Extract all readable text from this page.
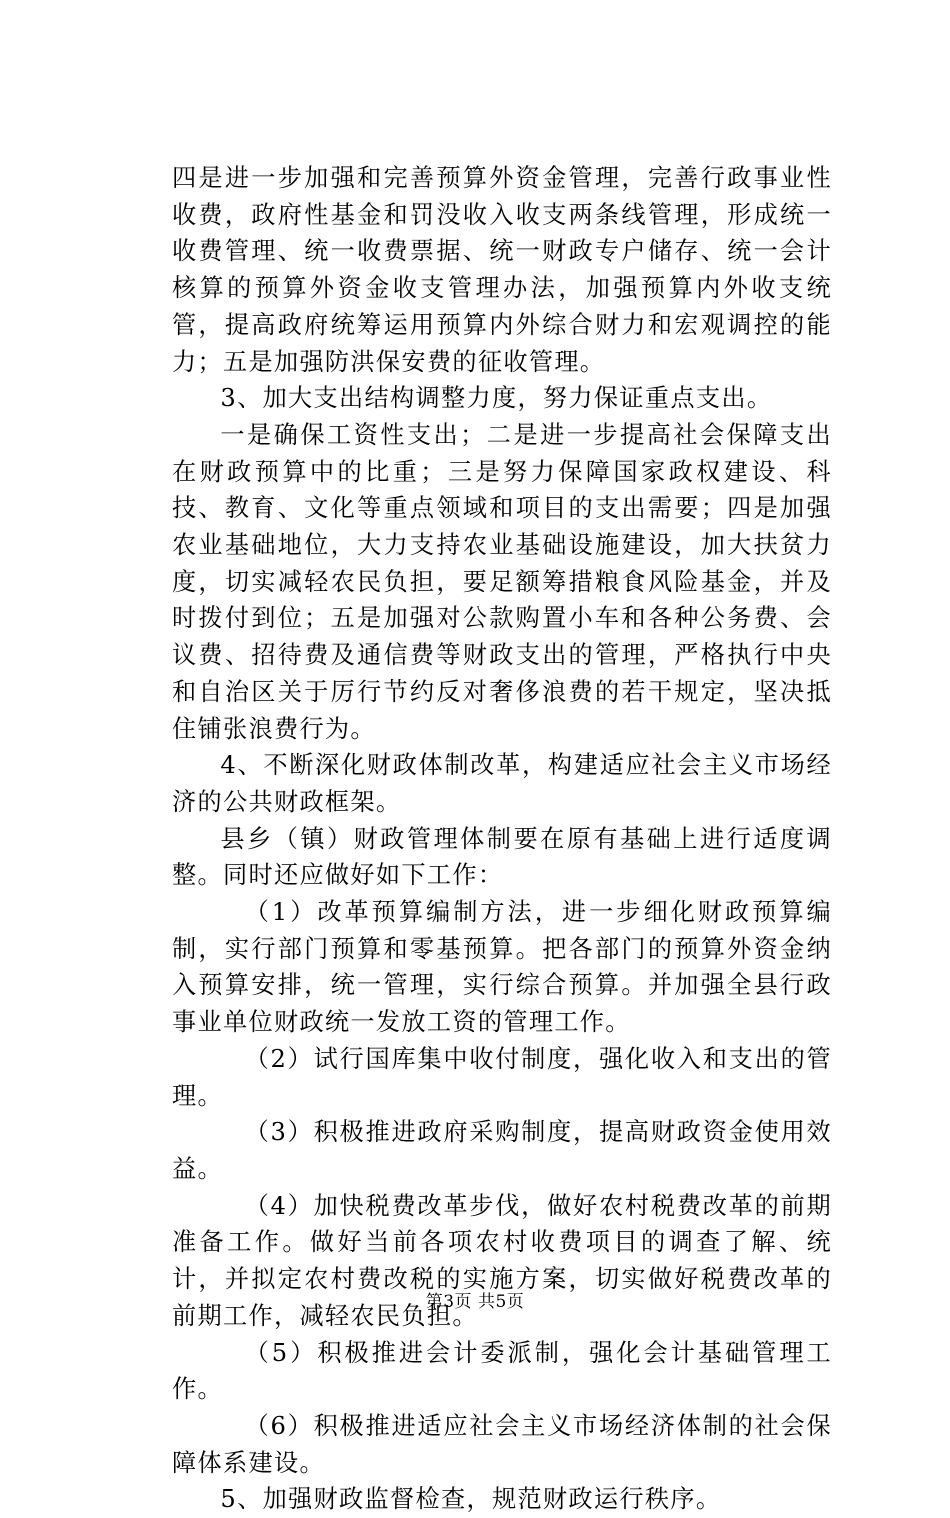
四是进一步加强和完善预算外资金管理，完善行政事业性收费，政府性基金和罚没收入收支两条线管理，形成统一收费管理、统一收费票据、统一财政专户储存、统一会计核算的预算外资金收支管理办法，加强预算内外收支统管，提高政府统筹运用预算内外综合财力和宏观调控的能力；五是加强防洪保安费的征收管理。

3、加大支出结构调整力度，努力保证重点支出。

一是确保工资性支出；二是进一步提高社会保障支出在财政预算中的比重；三是努力保障国家政权建设、科技、教育、文化等重点领域和项目的支出需要；四是加强农业基础地位，大力支持农业基础设施建设，加大扶贫力度，切实减轻农民负担，要足额筹措粮食风险基金，并及时拨付到位；五是加强对公款购置小车和各种公务费、会议费、招待费及通信费等财政支出的管理，严格执行中央和自治区关于厉行节约反对奢侈浪费的若干规定，坚决抵住铺张浪费行为。

4、不断深化财政体制改革，构建适应社会主义市场经济的公共财政框架。

县乡（镇）财政管理体制要在原有基础上进行适度调整。同时还应做好如下工作：

（1）改革预算编制方法，进一步细化财政预算编制，实行部门预算和零基预算。把各部门的预算外资金纳入预算安排，统一管理，实行综合预算。并加强全县行政事业单位财政统一发放工资的管理工作。

（2）试行国库集中收付制度，强化收入和支出的管理。

（3）积极推进政府采购制度，提高财政资金使用效益。

（4）加快税费改革步伐，做好农村税费改革的前期准备工作。做好当前各项农村收费项目的调查了解、统计，并拟定农村费改税的实施方案，切实做好税费改革的前期工作，减轻农民负担。

（5）积极推进会计委派制，强化会计基础管理工作。

（6）积极推进适应社会主义市场经济体制的社会保障体系建设。

5、加强财政监督检查，规范财政运行秩序。

第3页 共5页
